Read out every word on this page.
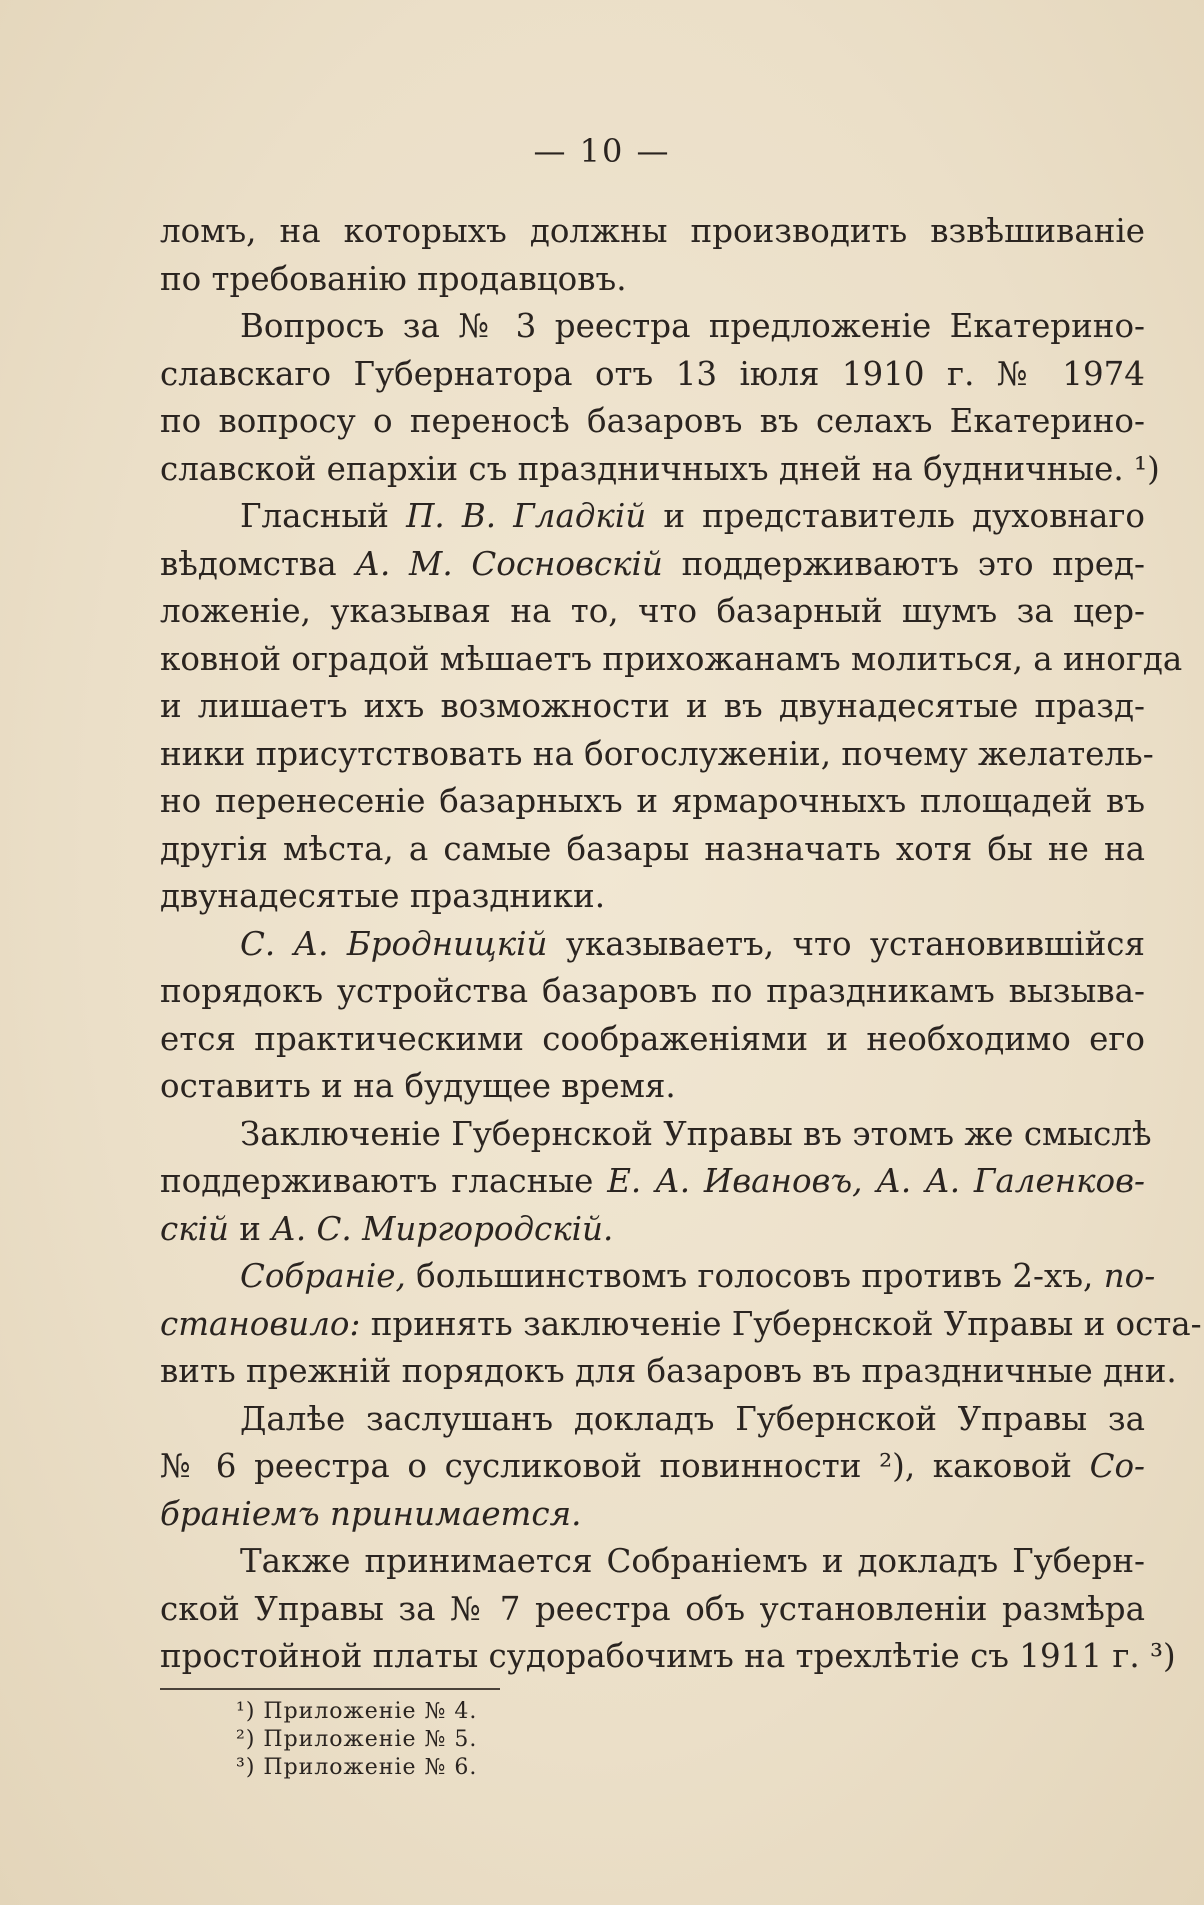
— 10 —
ломъ, на которыхъ должны производить взвѣшиваніе
по требованію продавцовъ.
Вопросъ за № 3 реестра предложеніе Екатерино-
славскаго Губернатора отъ 13 іюля 1910 г. № 1974
по вопросу о переносѣ базаровъ въ селахъ Екатерино-
славской епархіи съ праздничныхъ дней на будничные. ¹)
Гласный П. В. Гладкій и представитель духовнаго
вѣдомства А. М. Сосновскій поддерживаютъ это пред-
ложеніе, указывая на то, что базарный шумъ за цер-
ковной оградой мѣшаетъ прихожанамъ молиться, а иногда
и лишаетъ ихъ возможности и въ двунадесятые празд-
ники присутствовать на богослуженіи, почему желатель-
но перенесеніе базарныхъ и ярмарочныхъ площадей въ
другія мѣста, а самые базары назначать хотя бы не на
двунадесятые праздники.
С. А. Бродницкій указываетъ, что установившійся
порядокъ устройства базаровъ по праздникамъ вызыва-
ется практическими соображеніями и необходимо его
оставить и на будущее время.
Заключеніе Губернской Управы въ этомъ же смыслѣ
поддерживаютъ гласные Е. А. Ивановъ, А. А. Галенков-
скій и А. С. Миргородскій.
Собраніе, большинствомъ голосовъ противъ 2-хъ, по-
становило: принять заключеніе Губернской Управы и оста-
вить прежній порядокъ для базаровъ въ праздничные дни.
Далѣе заслушанъ докладъ Губернской Управы за
№ 6 реестра о сусликовой повинности ²), каковой Со-
браніемъ принимается.
Также принимается Собраніемъ и докладъ Губерн-
ской Управы за № 7 реестра объ установленіи размѣра
простойной платы судорабочимъ на трехлѣтіе съ 1911 г. ³)
¹) Приложеніе № 4.
²) Приложеніе № 5.
³) Приложеніе № 6.
